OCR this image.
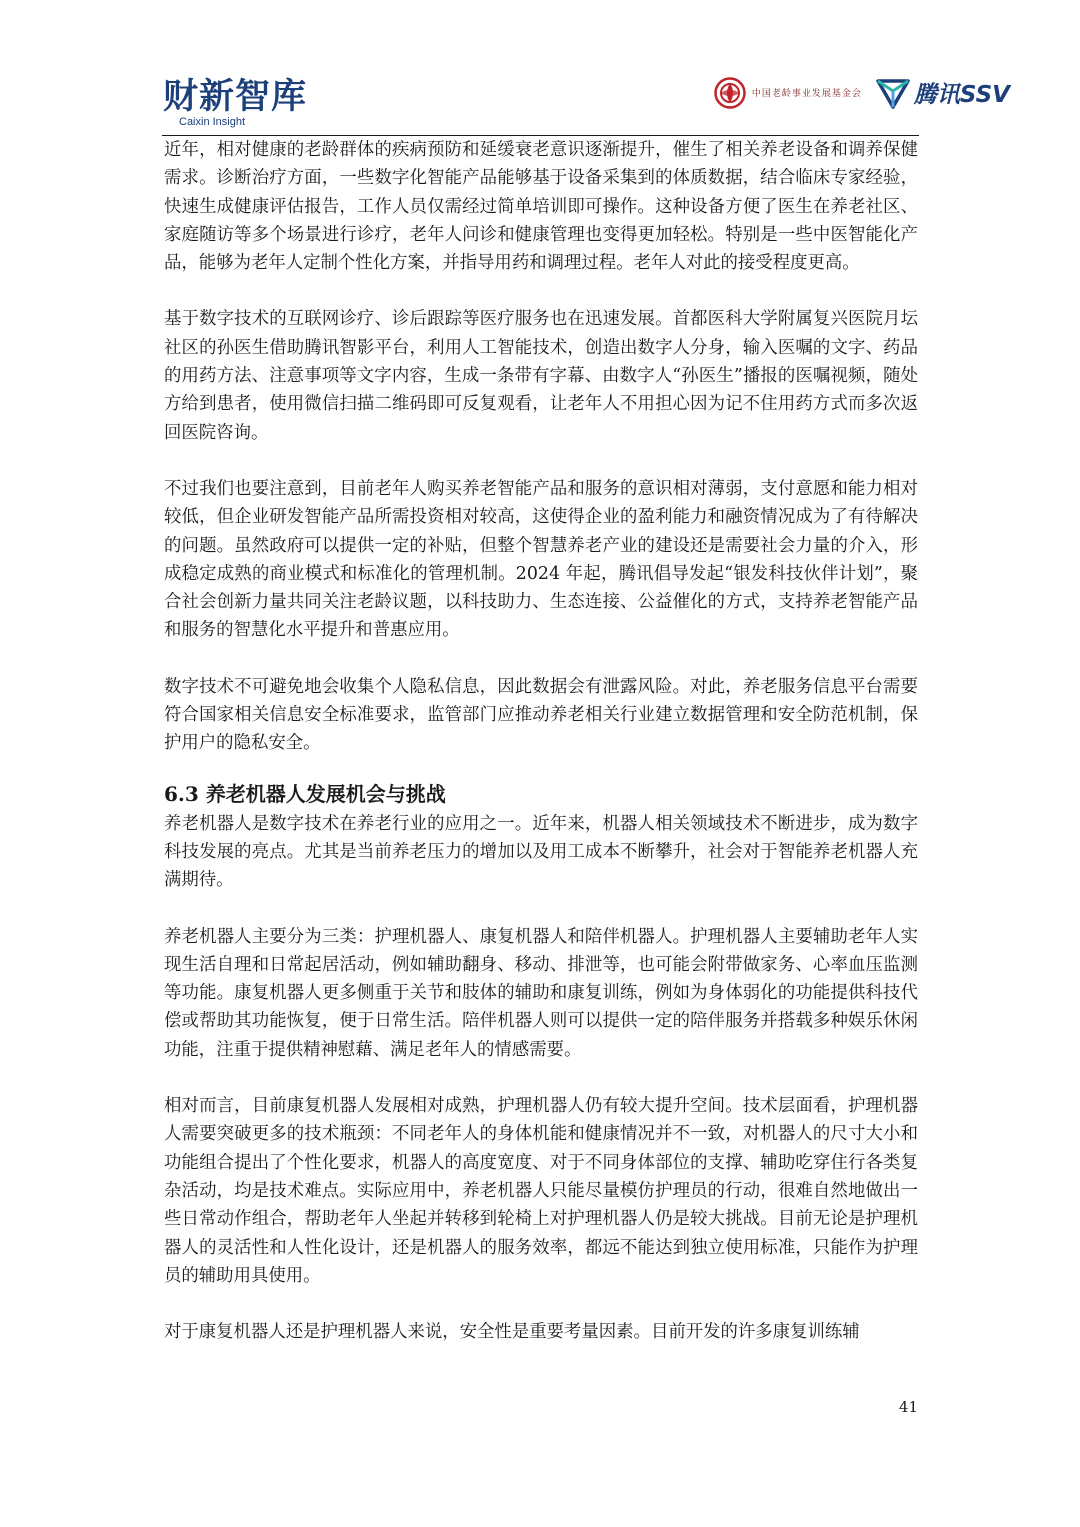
财新智库
Caixin Insight
中国老龄事业发展基金会 腾讯SSV

近年，相对健康的老龄群体的疾病预防和延缓衰老意识逐渐提升，催生了相关养老设备和调养保健需求。诊断治疗方面，一些数字化智能产品能够基于设备采集到的体质数据，结合临床专家经验，快速生成健康评估报告，工作人员仅需经过简单培训即可操作。这种设备方便了医生在养老社区、家庭随访等多个场景进行诊疗，老年人问诊和健康管理也变得更加轻松。特别是一些中医智能化产品，能够为老年人定制个性化方案，并指导用药和调理过程。老年人对此的接受程度更高。

基于数字技术的互联网诊疗、诊后跟踪等医疗服务也在迅速发展。首都医科大学附属复兴医院月坛社区的孙医生借助腾讯智影平台，利用人工智能技术，创造出数字人分身，输入医嘱的文字、药品的用药方法、注意事项等文字内容，生成一条带有字幕、由数字人“孙医生”播报的医嘱视频，随处方给到患者，使用微信扫描二维码即可反复观看，让老年人不用担心因为记不住用药方式而多次返回医院咨询。

不过我们也要注意到，目前老年人购买养老智能产品和服务的意识相对薄弱，支付意愿和能力相对较低，但企业研发智能产品所需投资相对较高，这使得企业的盈利能力和融资情况成为了有待解决的问题。虽然政府可以提供一定的补贴，但整个智慧养老产业的建设还是需要社会力量的介入，形成稳定成熟的商业模式和标准化的管理机制。2024 年起，腾讯倡导发起“银发科技伙伴计划”，聚合社会创新力量共同关注老龄议题，以科技助力、生态连接、公益催化的方式，支持养老智能产品和服务的智慧化水平提升和普惠应用。

数字技术不可避免地会收集个人隐私信息，因此数据会有泄露风险。对此，养老服务信息平台需要符合国家相关信息安全标准要求，监管部门应推动养老相关行业建立数据管理和安全防范机制，保护用户的隐私安全。

6.3 养老机器人发展机会与挑战

养老机器人是数字技术在养老行业的应用之一。近年来，机器人相关领域技术不断进步，成为数字科技发展的亮点。尤其是当前养老压力的增加以及用工成本不断攀升，社会对于智能养老机器人充满期待。

养老机器人主要分为三类：护理机器人、康复机器人和陪伴机器人。护理机器人主要辅助老年人实现生活自理和日常起居活动，例如辅助翻身、移动、排泄等，也可能会附带做家务、心率血压监测等功能。康复机器人更多侧重于关节和肢体的辅助和康复训练，例如为身体弱化的功能提供科技代偿或帮助其功能恢复，便于日常生活。陪伴机器人则可以提供一定的陪伴服务并搭载多种娱乐休闲功能，注重于提供精神慰藉、满足老年人的情感需要。

相对而言，目前康复机器人发展相对成熟，护理机器人仍有较大提升空间。技术层面看，护理机器人需要突破更多的技术瓶颈：不同老年人的身体机能和健康情况并不一致，对机器人的尺寸大小和功能组合提出了个性化要求，机器人的高度宽度、对于不同身体部位的支撑、辅助吃穿住行各类复杂活动，均是技术难点。实际应用中，养老机器人只能尽量模仿护理员的行动，很难自然地做出一些日常动作组合，帮助老年人坐起并转移到轮椅上对护理机器人仍是较大挑战。目前无论是护理机器人的灵活性和人性化设计，还是机器人的服务效率，都远不能达到独立使用标准，只能作为护理员的辅助用具使用。

对于康复机器人还是护理机器人来说，安全性是重要考量因素。目前开发的许多康复训练辅

41
